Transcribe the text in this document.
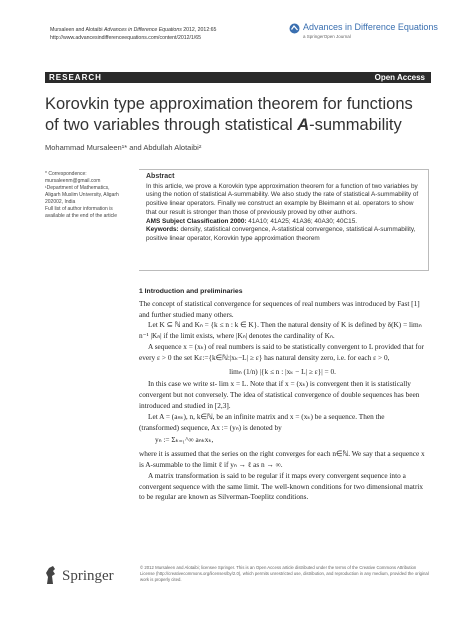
Mursaleen and Alotaibi Advances in Difference Equations 2012, 2012:65
http://www.advancesindifferenceequations.com/content/2012/1/65
Advances in Difference Equations
a SpringerOpen Journal
RESEARCH	Open Access
Korovkin type approximation theorem for functions
of two variables through statistical A-summability
Mohammad Mursaleen¹* and Abdullah Alotaibi²
* Correspondence:
mursaleenm@gmail.com
¹Department of Mathematics,
Aligarh Muslim University, Aligarh
202002, India
Full list of author information is
available at the end of the article
Abstract
In this article, we prove a Korovkin type approximation theorem for a function of two variables by using the notion of statistical A-summability. We also study the rate of statistical A-summability of positive linear operators. Finally we construct an example by Bleimann et al. operators to show that our result is stronger than those of previously proved by other authors.
AMS Subject Classification 2000: 41A10; 41A25; 41A36; 40A30; 40C15.
Keywords: density, statistical convergence, A-statistical convergence, statistical A-summability, positive linear operator, Korovkin type approximation theorem

1 Introduction and preliminaries

The concept of statistical convergence for sequences of real numbers was introduced by Fast [1] and further studied many others.

Let K ⊆ ℕ and Kₙ = {k ≤ n : k ∈ K}. Then the natural density of K is defined by δ(K) = limₙ n⁻¹ |Kₙ| if the limit exists, where |Kₙ| denotes the cardinality of Kₙ.

A sequence x = (xₖ) of real numbers is said to be statistically convergent to L provided that for every ε > 0 the set Kε:={k∈ℕ:|xₖ−L| ≥ ε} has natural density zero, i.e. for each ε > 0,

limₙ (1/n) |{k ≤ n : |xₖ − L| ≥ ε}| = 0.

In this case we write st- lim x = L. Note that if x = (xₖ) is convergent then it is statistically convergent but not conversely. The idea of statistical convergence of double sequences has been introduced and studied in [2,3].

Let A = (aₙₖ), n, k∈ℕ, be an infinite matrix and x = (xₖ) be a sequence. Then the (transformed) sequence, Ax := (yₙ) is denoted by

yₙ := Σₖ₌₁^∞ aₙₖxₖ,

where it is assumed that the series on the right converges for each n∈ℕ. We say that a sequence x is A-summable to the limit ℓ if yₙ → ℓ as n → ∞.

A matrix transformation is said to be regular if it maps every convergent sequence into a convergent sequence with the same limit. The well-known conditions for two dimensional matrix to be regular are known as Silverman-Toeplitz conditions.

Springer
© 2012 Mursaleen and Alotaibi; licensee Springer. This is an Open Access article distributed under the terms of the Creative Commons Attribution License (http://creativecommons.org/licenses/by/2.0), which permits unrestricted use, distribution, and reproduction in any medium, provided the original work is properly cited.
